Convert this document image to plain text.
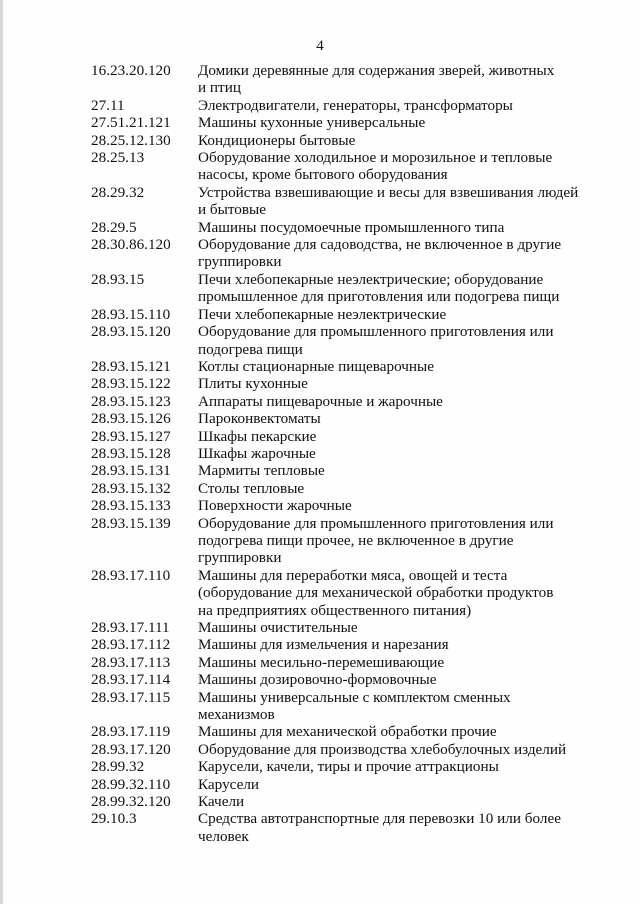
4
16.23.20.120	Домики деревянные для содержания зверей, животных
и птиц
27.11	Электродвигатели, генераторы, трансформаторы
27.51.21.121	Машины кухонные универсальные
28.25.12.130	Кондиционеры бытовые
28.25.13	Оборудование холодильное и морозильное и тепловые
насосы, кроме бытового оборудования
28.29.32	Устройства взвешивающие и весы для взвешивания людей
и бытовые
28.29.5	Машины посудомоечные промышленного типа
28.30.86.120	Оборудование для садоводства, не включенное в другие
группировки
28.93.15	Печи хлебопекарные неэлектрические; оборудование
промышленное для приготовления или подогрева пищи
28.93.15.110	Печи хлебопекарные неэлектрические
28.93.15.120	Оборудование для промышленного приготовления или
подогрева пищи
28.93.15.121	Котлы стационарные пищеварочные
28.93.15.122	Плиты кухонные
28.93.15.123	Аппараты пищеварочные и жарочные
28.93.15.126	Пароконвектоматы
28.93.15.127	Шкафы пекарские
28.93.15.128	Шкафы жарочные
28.93.15.131	Мармиты тепловые
28.93.15.132	Столы тепловые
28.93.15.133	Поверхности жарочные
28.93.15.139	Оборудование для промышленного приготовления или
подогрева пищи прочее, не включенное в другие
группировки
28.93.17.110	Машины для переработки мяса, овощей и теста
(оборудование для механической обработки продуктов
на предприятиях общественного питания)
28.93.17.111	Машины очистительные
28.93.17.112	Машины для измельчения и нарезания
28.93.17.113	Машины месильно-перемешивающие
28.93.17.114	Машины дозировочно-формовочные
28.93.17.115	Машины универсальные с комплектом сменных
механизмов
28.93.17.119	Машины для механической обработки прочие
28.93.17.120	Оборудование для производства хлебобулочных изделий
28.99.32	Карусели, качели, тиры и прочие аттракционы
28.99.32.110	Карусели
28.99.32.120	Качели
29.10.3	Средства автотранспортные для перевозки 10 или более
человек
